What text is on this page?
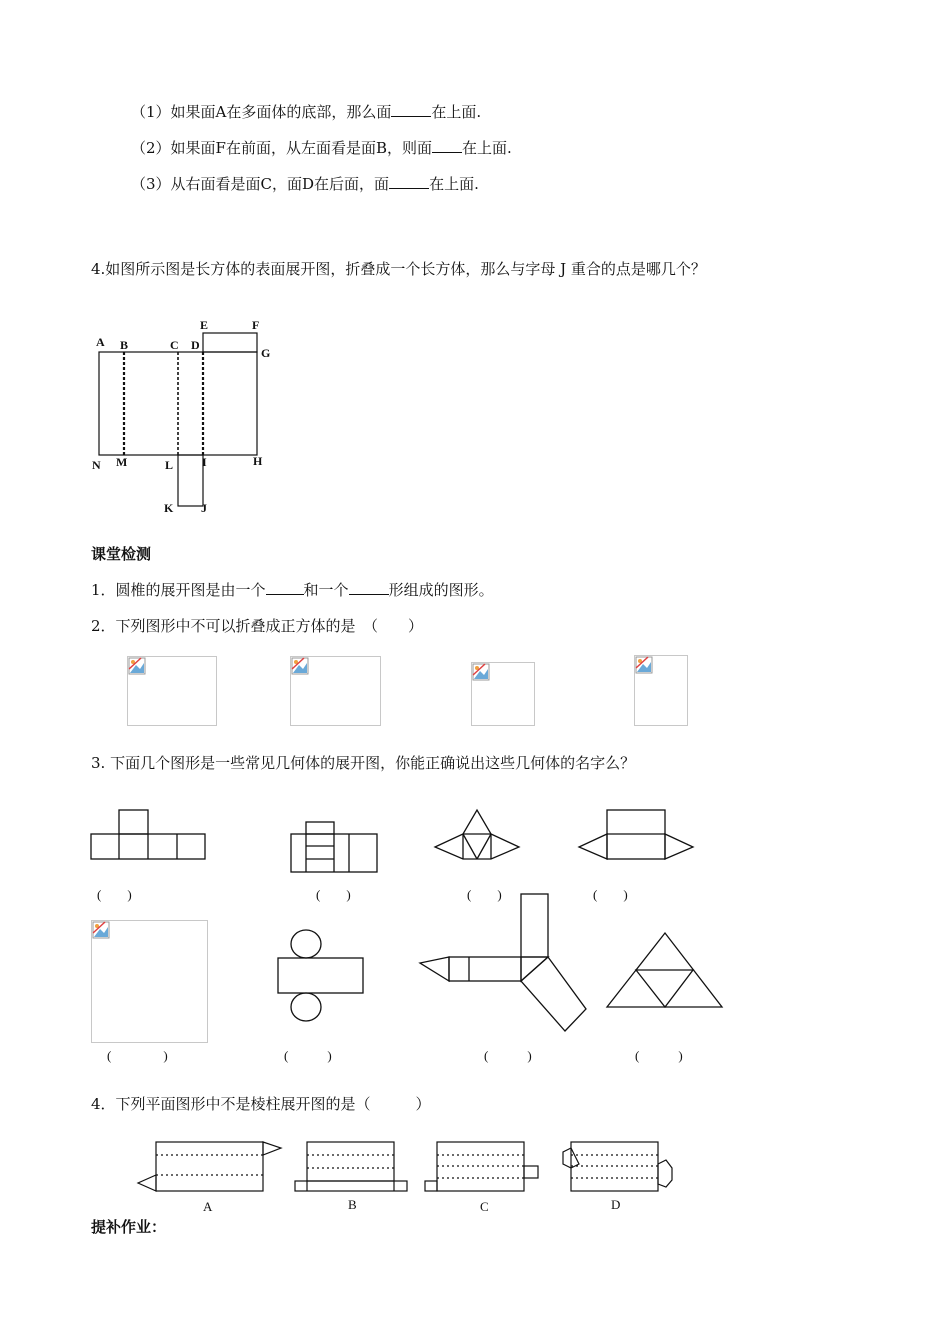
（1）如果面A在多面体的底部，那么面	在上面.
（2）如果面F在前面，从左面看是面B，则面 在上面.
（3）从右面看是面C，面D在后面，面	在上面.
4.如图所示图是长方体的表面展开图，折叠成一个长方体，那么与字母 J 重合的点是哪几个？
A B	C D
E	F
G
H
I
J
K
L
M
N
课堂检测
1．圆椎的展开图是由一个	和一个	形组成的图形。
2．下列图形中不可以折叠成正方体的是　（　　）
3. 下面几个图形是一些常见几何体的展开图，你能正确说出这些几何体的名字么？
(　　)	(　　)	(　　)	(　　)
(　　　　)	(　　　)	(　　　)	(　　　)
4．下列平面图形中不是棱柱展开图的是（　　　）
A	B	C	D
提补作业：
